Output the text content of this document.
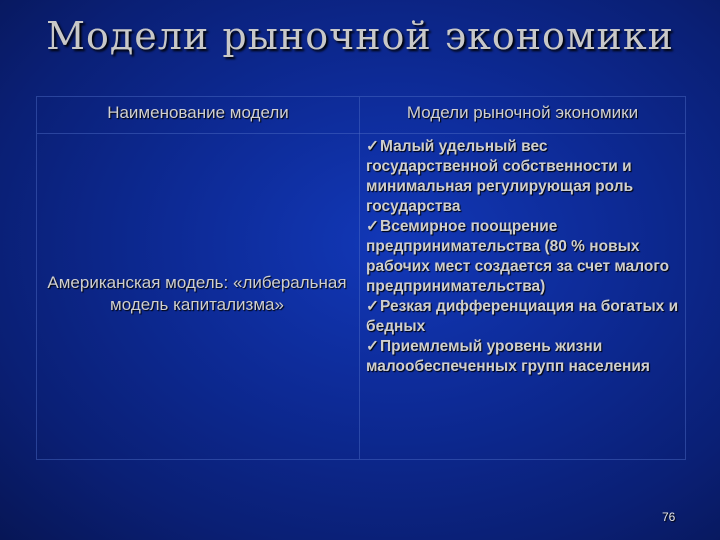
Модели рыночной экономики
Наименование модели	Модели рыночной экономики
Американская модель: «либеральная модель капитализма»

✓Малый удельный вес государственной собственности и минимальная регулирующая роль государства

✓Всемирное поощрение предпринимательства (80 % новых рабочих мест создается за счет малого предпринимательства)

✓Резкая дифференциация на богатых и бедных

✓Приемлемый уровень жизни малообеспеченных групп населения

76
